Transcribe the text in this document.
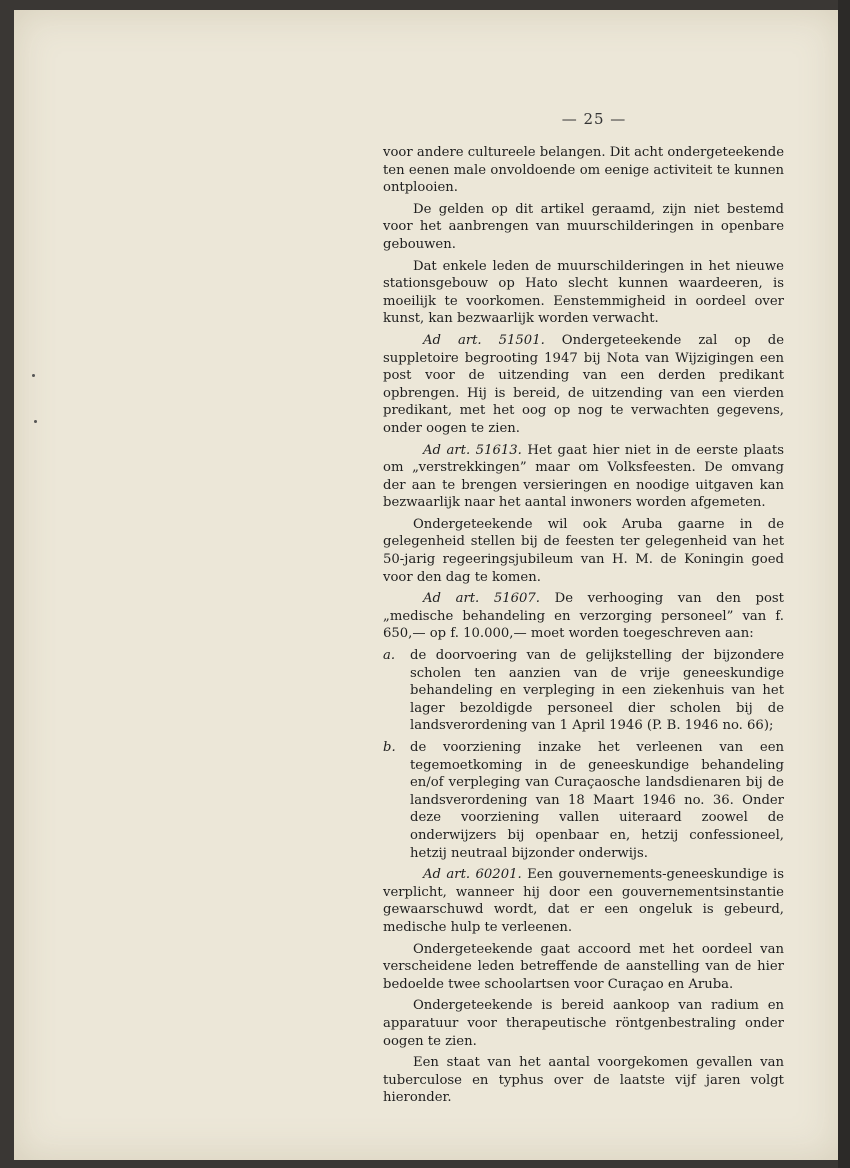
— 25 —

voor andere cultureele belangen. Dit acht ondergeteekende ten eenen male onvoldoende om eenige activiteit te kunnen ontplooien.

De gelden op dit artikel geraamd, zijn niet bestemd voor het aanbrengen van muurschilderingen in openbare gebouwen.

Dat enkele leden de muurschilderingen in het nieuwe stationsgebouw op Hato slecht kunnen waardeeren, is moeilijk te voorkomen. Eenstemmigheid in oordeel over kunst, kan bezwaarlijk worden verwacht.

Ad art. 51501. Ondergeteekende zal op de suppletoire begrooting 1947 bij Nota van Wijzigingen een post voor de uitzending van een derden predikant opbrengen. Hij is bereid, de uitzending van een vierden predikant, met het oog op nog te verwachten gegevens, onder oogen te zien.

Ad art. 51613. Het gaat hier niet in de eerste plaats om „verstrekkingen” maar om Volksfeesten. De omvang der aan te brengen versieringen en noodige uitgaven kan bezwaarlijk naar het aantal inwoners worden afgemeten.

Ondergeteekende wil ook Aruba gaarne in de gelegenheid stellen bij de feesten ter gelegenheid van het 50-jarig regeeringsjubileum van H. M. de Koningin goed voor den dag te komen.

Ad art. 51607. De verhooging van den post „medische behandeling en verzorging personeel” van f. 650,— op f. 10.000,— moet worden toegeschreven aan:

a. de doorvoering van de gelijkstelling der bijzondere scholen ten aanzien van de vrije geneeskundige behandeling en verpleging in een ziekenhuis van het lager bezoldigde personeel dier scholen bij de landsverordening van 1 April 1946 (P. B. 1946 no. 66);
b. de voorziening inzake het verleenen van een tegemoetkoming in de geneeskundige behandeling en/of verpleging van Curaçaosche landsdienaren bij de landsverordening van 18 Maart 1946 no. 36. Onder deze voorziening vallen uiteraard zoowel de onderwijzers bij openbaar en, hetzij confessioneel, hetzij neutraal bijzonder onderwijs.

Ad art. 60201. Een gouvernements-geneeskundige is verplicht, wanneer hij door een gouvernementsinstantie gewaarschuwd wordt, dat er een ongeluk is gebeurd, medische hulp te verleenen.

Ondergeteekende gaat accoord met het oordeel van verscheidene leden betreffende de aanstelling van de hier bedoelde twee schoolartsen voor Curaçao en Aruba.

Ondergeteekende is bereid aankoop van radium en apparatuur voor therapeutische röntgenbestraling onder oogen te zien.

Een staat van het aantal voorgekomen gevallen van tuberculose en typhus over de laatste vijf jaren volgt hieronder.
